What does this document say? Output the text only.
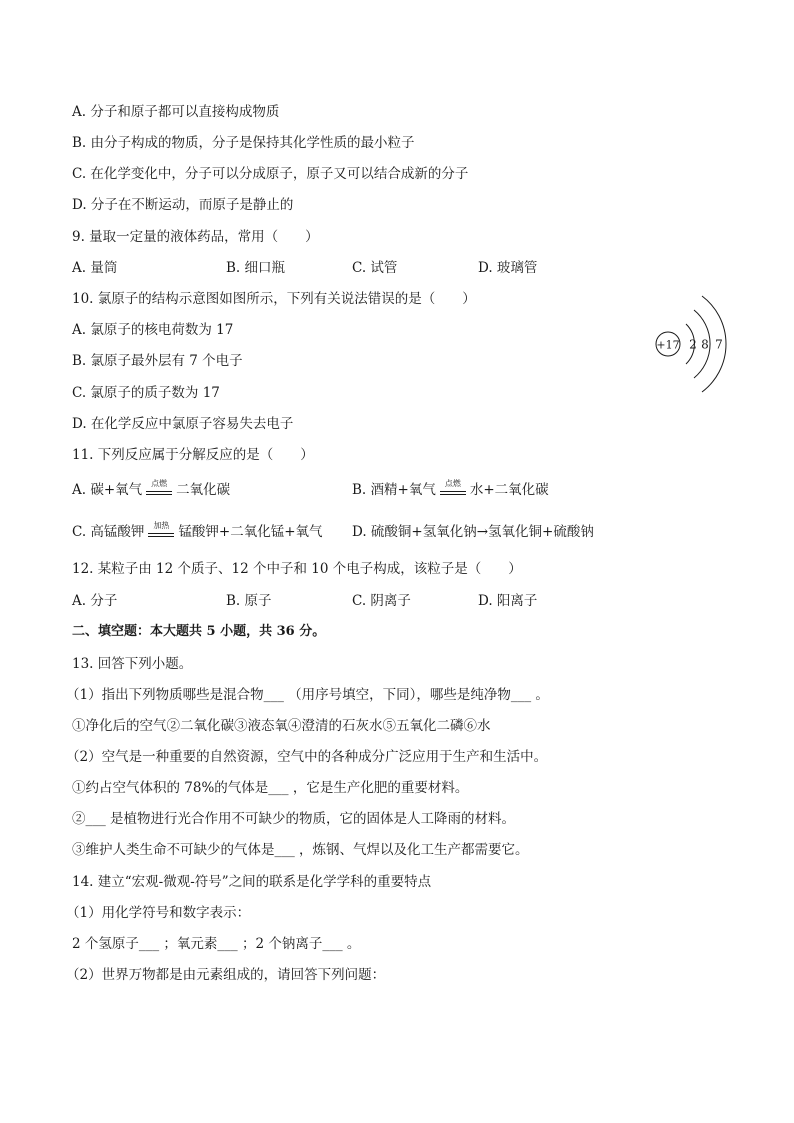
A. 分子和原子都可以直接构成物质
B. 由分子构成的物质，分子是保持其化学性质的最小粒子
C. 在化学变化中，分子可以分成原子，原子又可以结合成新的分子
D. 分子在不断运动，而原子是静止的
9. 量取一定量的液体药品，常用（　　）
A. 量筒	B. 细口瓶	C. 试管	D. 玻璃管
10. 氯原子的结构示意图如图所示，下列有关说法错误的是（　　）
A. 氯原子的核电荷数为 17
B. 氯原子最外层有 7 个电子
C. 氯原子的质子数为 17
D. 在化学反应中氯原子容易失去电子
+17 2 8 7
11. 下列反应属于分解反应的是（　　）
A. 碳+氧气	点燃 二氧化碳	B. 酒精+氧气	点燃 水+二氧化碳
C. 高锰酸钾	加热 锰酸钾+二氧化锰+氧气 D. 硫酸铜+氢氧化钠→氢氧化铜+硫酸钠
12. 某粒子由 12 个质子、12 个中子和 10 个电子构成，该粒子是（　　）
A. 分子	B. 原子	C. 阴离子	D. 阳离子
二、填空题：本大题共 5 小题，共 36 分。
13. 回答下列小题。
（1）指出下列物质哪些是混合物___ （用序号填空，下同），哪些是纯净物___ 。
①净化后的空气②二氧化碳③液态氧④澄清的石灰水⑤五氧化二磷⑥水
（2）空气是一种重要的自然资源，空气中的各种成分广泛应用于生产和生活中。
①约占空气体积的 78%的气体是___ ，它是生产化肥的重要材料。
②___ 是植物进行光合作用不可缺少的物质，它的固体是人工降雨的材料。
③维护人类生命不可缺少的气体是___ ，炼钢、气焊以及化工生产都需要它。
14. 建立“宏观-微观-符号”之间的联系是化学学科的重要特点
（1）用化学符号和数字表示：
2 个氢原子___ ；氧元素___ ；2 个钠离子___ 。
（2）世界万物都是由元素组成的，请回答下列问题：
